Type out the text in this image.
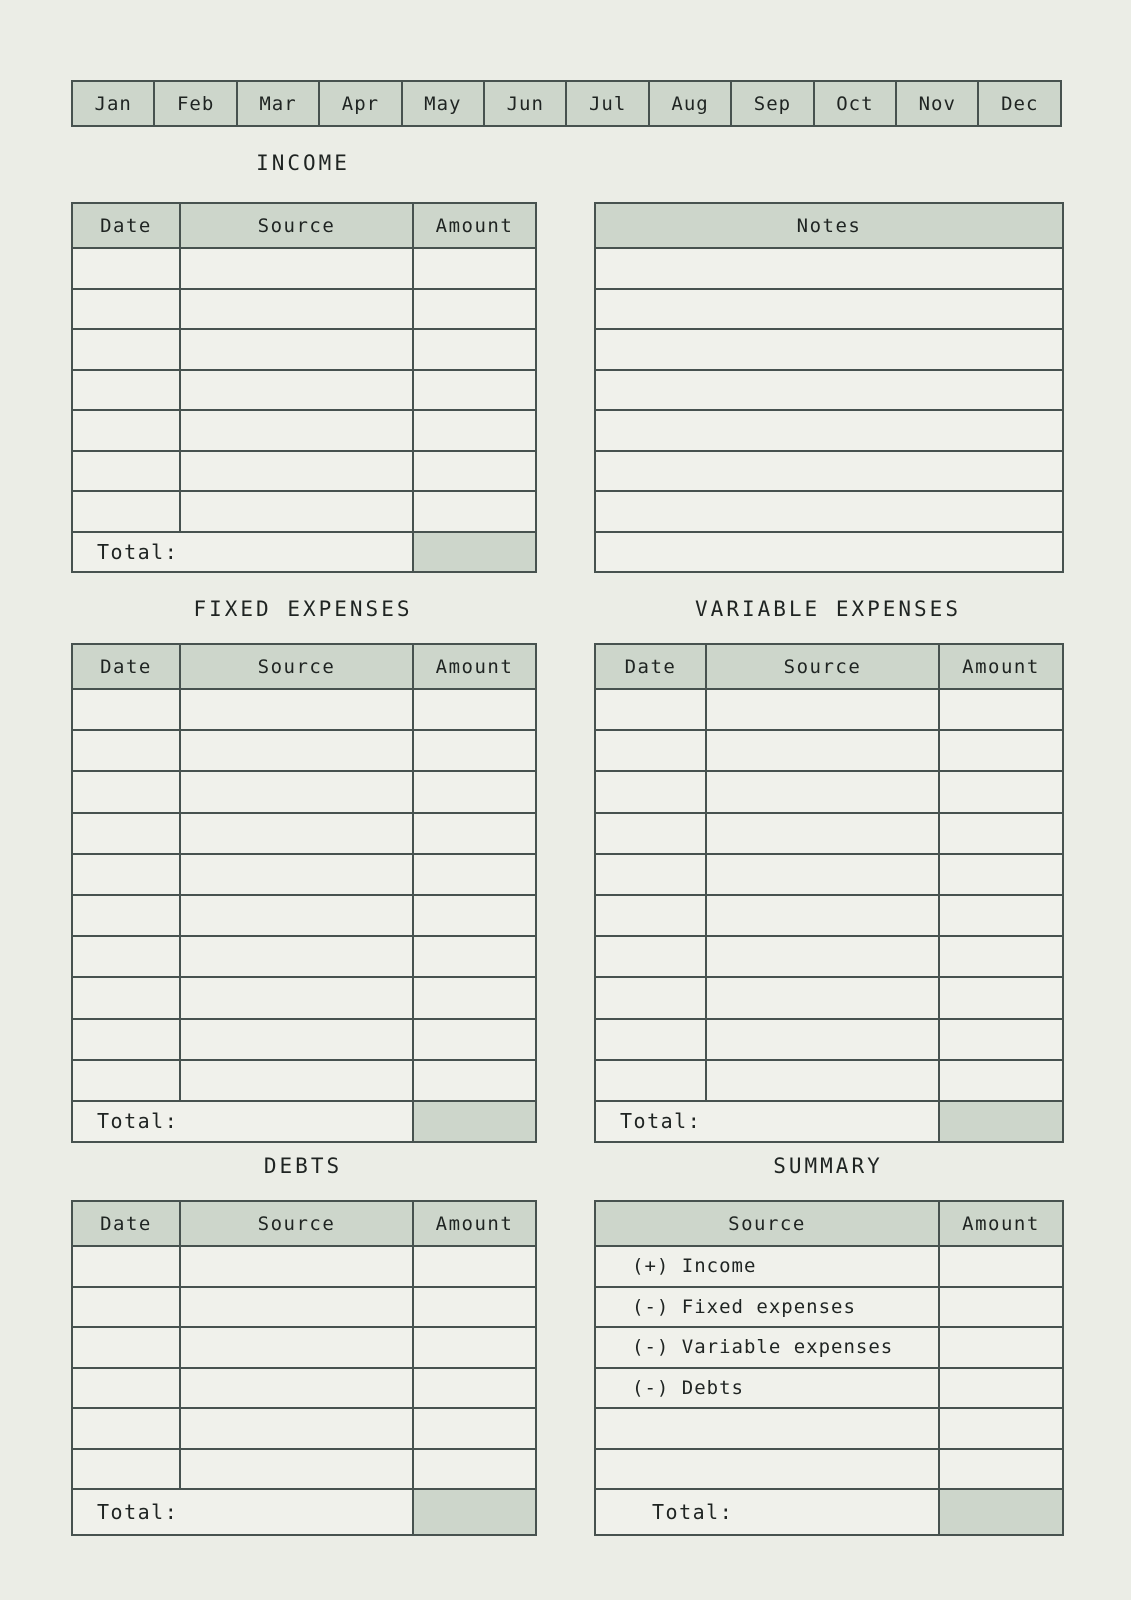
Jan	Feb	Mar	Apr	May	Jun	Jul	Aug	Sep	Oct	Nov	Dec
INCOME
Date	Source	Amount

Total:		
Notes

FIXED EXPENSES
Date	Source	Amount

Total:		
VARIABLE EXPENSES
Date	Source	Amount

Total:		
DEBTS
Date	Source	Amount

Total:		
SUMMARY
Source	Amount
(+) Income	
(-) Fixed expenses	
(-) Variable expenses	
(-) Debts	

Total:	
